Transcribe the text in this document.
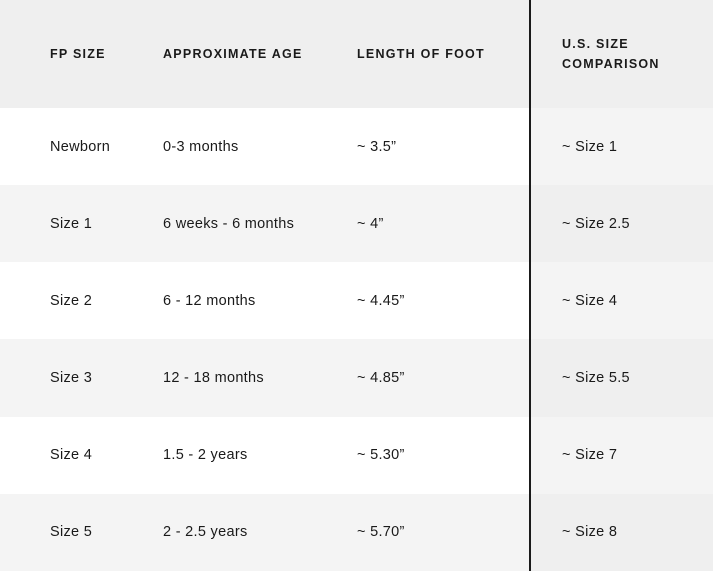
FP SIZE	APPROXIMATE AGE	LENGTH OF FOOT	U.S. SIZE COMPARISON
Newborn	0-3 months	~ 3.5”	~ Size 1
Size 1	6 weeks - 6 months	~ 4”	~ Size 2.5
Size 2	6 - 12 months	~ 4.45”	~ Size 4
Size 3	12 - 18 months	~ 4.85”	~ Size 5.5
Size 4	1.5 - 2 years	~ 5.30”	~ Size 7
Size 5	2 - 2.5 years	~ 5.70”	~ Size 8
